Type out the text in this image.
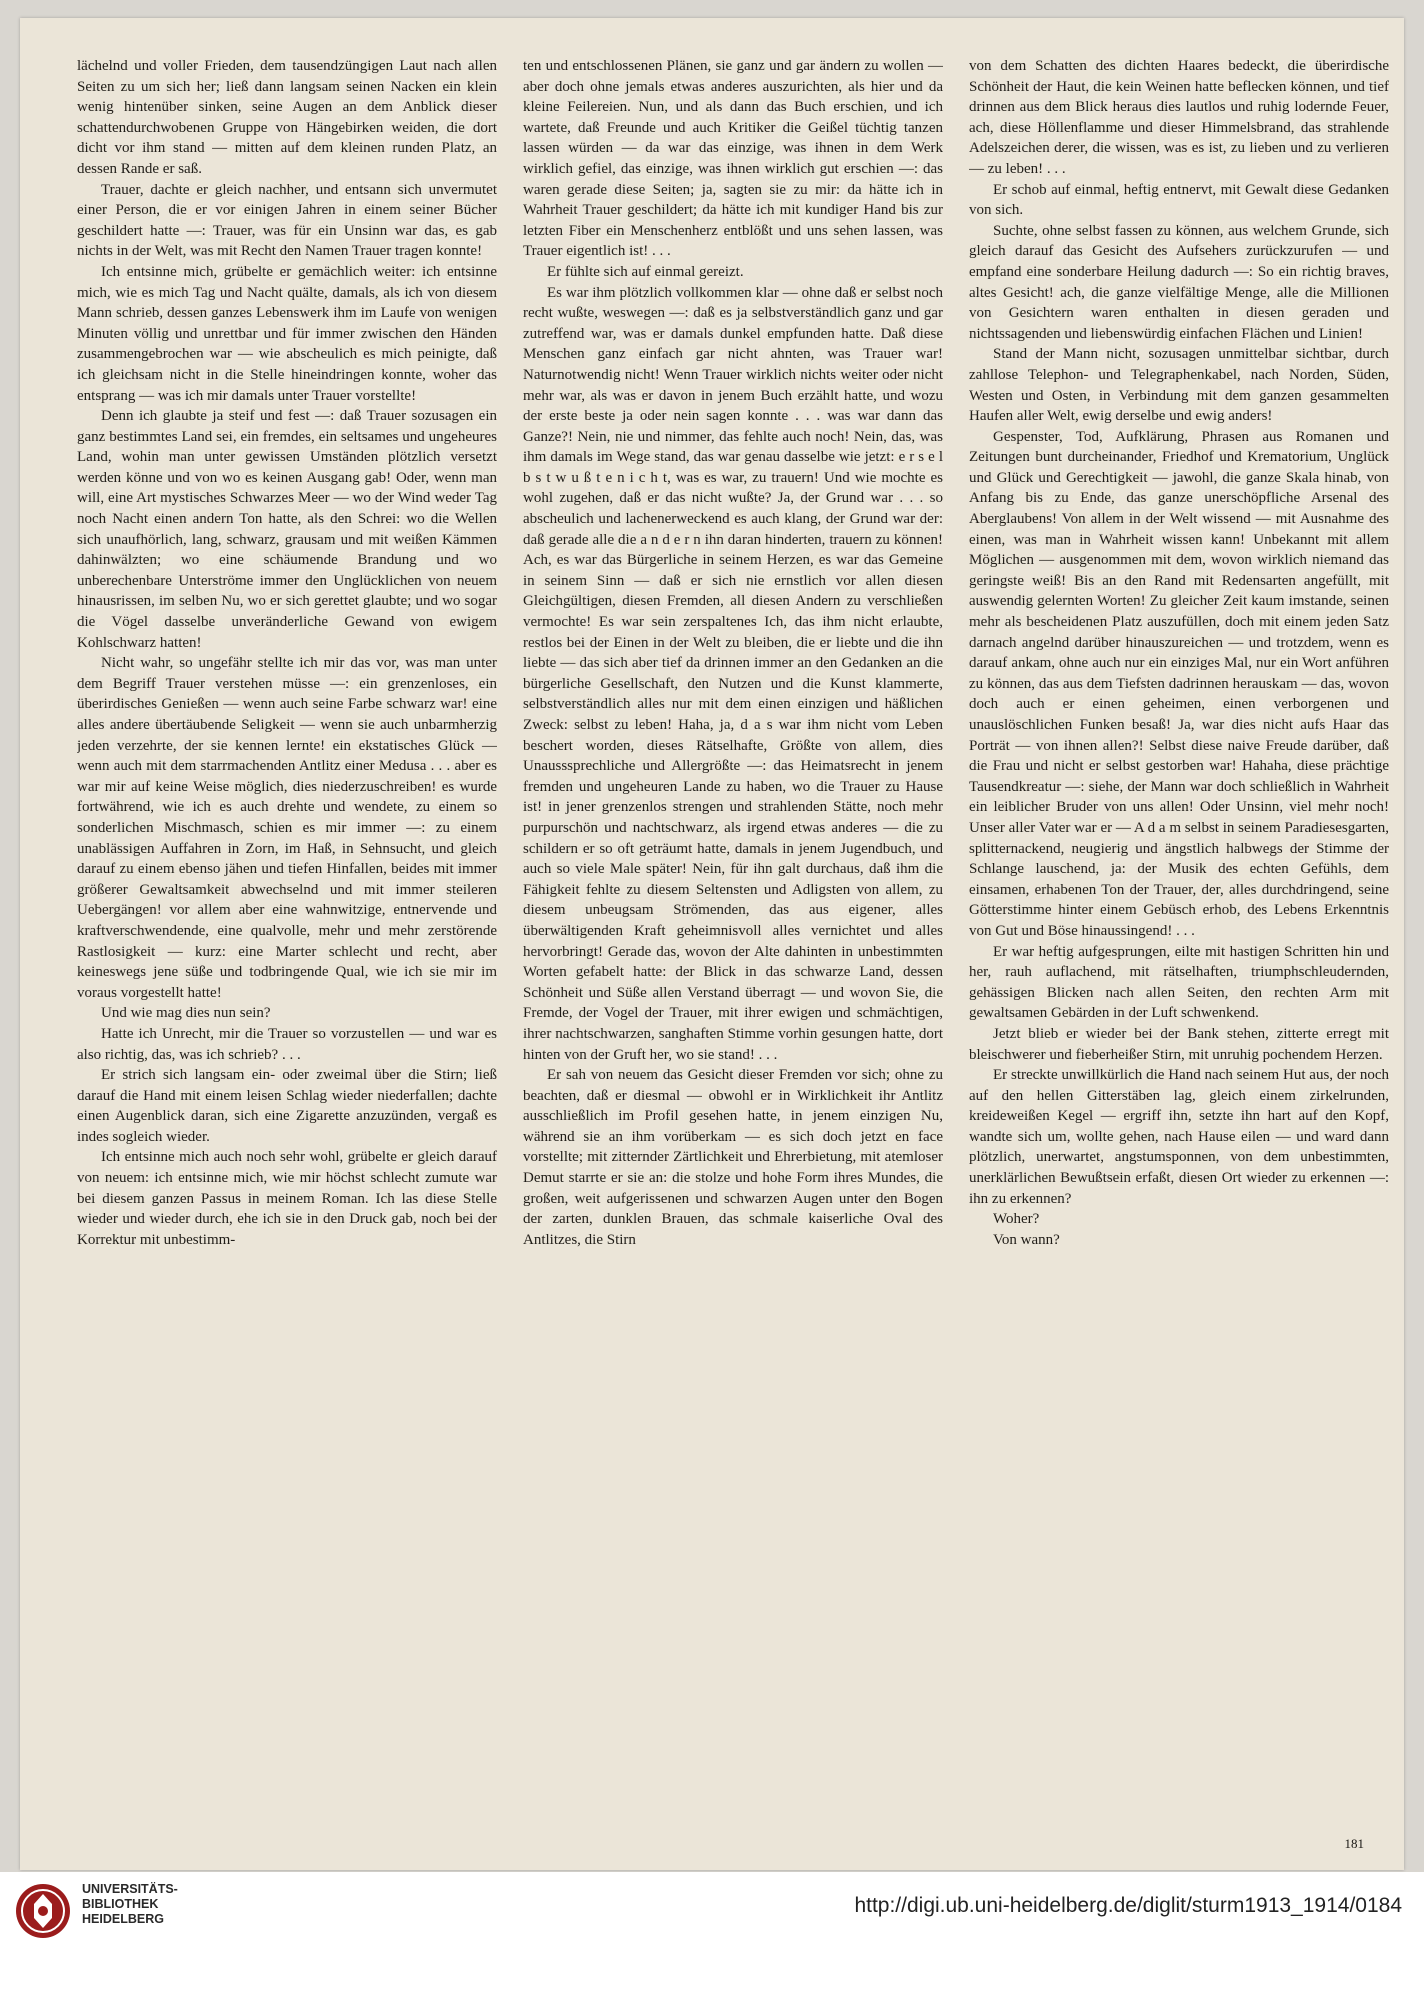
lächelnd und voller Frieden, dem tausendzüngigen Laut nach allen Seiten zu um sich her; ließ dann langsam seinen Nacken ein klein wenig hintenüber sinken, seine Augen an dem Anblick dieser schattendurchwobenen Gruppe von Hängebirken weiden, die dort dicht vor ihm stand — mitten auf dem kleinen runden Platz, an dessen Rande er saß.

Trauer, dachte er gleich nachher, und entsann sich unvermutet einer Person, die er vor einigen Jahren in einem seiner Bücher geschildert hatte —: Trauer, was für ein Unsinn war das, es gab nichts in der Welt, was mit Recht den Namen Trauer tragen konnte!

Ich entsinne mich, grübelte er gemächlich weiter: ich entsinne mich, wie es mich Tag und Nacht quälte, damals, als ich von diesem Mann schrieb, dessen ganzes Lebenswerk ihm im Laufe von wenigen Minuten völlig und unrettbar und für immer zwischen den Händen zusammengebrochen war — wie abscheulich es mich peinigte, daß ich gleichsam nicht in die Stelle hineindringen konnte, woher das entsprang — was ich mir damals unter Trauer vorstellte!

Denn ich glaubte ja steif und fest —: daß Trauer sozusagen ein ganz bestimmtes Land sei, ein fremdes, ein seltsames und ungeheures Land, wohin man unter gewissen Umständen plötzlich versetzt werden könne und von wo es keinen Ausgang gab! Oder, wenn man will, eine Art mystisches Schwarzes Meer — wo der Wind weder Tag noch Nacht einen andern Ton hatte, als den Schrei: wo die Wellen sich unaufhörlich, lang, schwarz, grausam und mit weißen Kämmen dahinwälzten; wo eine schäumende Brandung und wo unberechenbare Unterströme immer den Unglücklichen von neuem hinausrissen, im selben Nu, wo er sich gerettet glaubte; und wo sogar die Vögel dasselbe unveränderliche Gewand von ewigem Kohlschwarz hatten!

Nicht wahr, so ungefähr stellte ich mir das vor, was man unter dem Begriff Trauer verstehen müsse —: ein grenzenloses, ein überirdisches Genießen — wenn auch seine Farbe schwarz war! eine alles andere übertäubende Seligkeit — wenn sie auch unbarmherzig jeden verzehrte, der sie kennen lernte! ein ekstatisches Glück — wenn auch mit dem starrmachenden Antlitz einer Medusa . . . aber es war mir auf keine Weise möglich, dies niederzuschreiben! es wurde fortwährend, wie ich es auch drehte und wendete, zu einem so sonderlichen Mischmasch, schien es mir immer —: zu einem unablässigen Auffahren in Zorn, im Haß, in Sehnsucht, und gleich darauf zu einem ebenso jähen und tiefen Hinfallen, beides mit immer größerer Gewaltsamkeit abwechselnd und mit immer steileren Uebergängen! vor allem aber eine wahnwitzige, entnervende und kraftverschwendende, eine qualvolle, mehr und mehr zerstörende Rastlosigkeit — kurz: eine Marter schlecht und recht, aber keineswegs jene süße und todbringende Qual, wie ich sie mir im voraus vorgestellt hatte!

Und wie mag dies nun sein?

Hatte ich Unrecht, mir die Trauer so vorzustellen — und war es also richtig, das, was ich schrieb? . . .

Er strich sich langsam ein- oder zweimal über die Stirn; ließ darauf die Hand mit einem leisen Schlag wieder niederfallen; dachte einen Augenblick daran, sich eine Zigarette anzuzünden, vergaß es indes sogleich wieder.

Ich entsinne mich auch noch sehr wohl, grübelte er gleich darauf von neuem: ich entsinne mich, wie mir höchst schlecht zumute war bei diesem ganzen Passus in meinem Roman. Ich las diese Stelle wieder und wieder durch, ehe ich sie in den Druck gab, noch bei der Korrektur mit unbestimm-

ten und entschlossenen Plänen, sie ganz und gar ändern zu wollen — aber doch ohne jemals etwas anderes auszurichten, als hier und da kleine Feilereien. Nun, und als dann das Buch erschien, und ich wartete, daß Freunde und auch Kritiker die Geißel tüchtig tanzen lassen würden — da war das einzige, was ihnen in dem Werk wirklich gefiel, das einzige, was ihnen wirklich gut erschien —: das waren gerade diese Seiten; ja, sagten sie zu mir: da hätte ich in Wahrheit Trauer geschildert; da hätte ich mit kundiger Hand bis zur letzten Fiber ein Menschenherz entblößt und uns sehen lassen, was Trauer eigentlich ist! . . .

Er fühlte sich auf einmal gereizt.

Es war ihm plötzlich vollkommen klar — ohne daß er selbst noch recht wußte, weswegen —: daß es ja selbstverständlich ganz und gar zutreffend war, was er damals dunkel empfunden hatte. Daß diese Menschen ganz einfach gar nicht ahnten, was Trauer war! Naturnotwendig nicht! Wenn Trauer wirklich nichts weiter oder nicht mehr war, als was er davon in jenem Buch erzählt hatte, und wozu der erste beste ja oder nein sagen konnte . . . was war dann das Ganze?! Nein, nie und nimmer, das fehlte auch noch! Nein, das, was ihm damals im Wege stand, das war genau dasselbe wie jetzt: e r s e l b s t w u ß t e n i c h t, was es war, zu trauern! Und wie mochte es wohl zugehen, daß er das nicht wußte? Ja, der Grund war . . . so abscheulich und lachenerweckend es auch klang, der Grund war der: daß gerade alle die a n d e r n ihn daran hinderten, trauern zu können! Ach, es war das Bürgerliche in seinem Herzen, es war das Gemeine in seinem Sinn — daß er sich nie ernstlich vor allen diesen Gleichgültigen, diesen Fremden, all diesen Andern zu verschließen vermochte! Es war sein zerspaltenes Ich, das ihm nicht erlaubte, restlos bei der Einen in der Welt zu bleiben, die er liebte und die ihn liebte — das sich aber tief da drinnen immer an den Gedanken an die bürgerliche Gesellschaft, den Nutzen und die Kunst klammerte, selbstverständlich alles nur mit dem einen einzigen und häßlichen Zweck: selbst zu leben! Haha, ja, d a s war ihm nicht vom Leben beschert worden, dieses Rätselhafte, Größte von allem, dies Unausssprechliche und Allergrößte —: das Heimatsrecht in jenem fremden und ungeheuren Lande zu haben, wo die Trauer zu Hause ist! in jener grenzenlos strengen und strahlenden Stätte, noch mehr purpurschön und nachtschwarz, als irgend etwas anderes — die zu schildern er so oft geträumt hatte, damals in jenem Jugendbuch, und auch so viele Male später! Nein, für ihn galt durchaus, daß ihm die Fähigkeit fehlte zu diesem Seltensten und Adligsten von allem, zu diesem unbeugsam Strömenden, das aus eigener, alles überwältigenden Kraft geheimnisvoll alles vernichtet und alles hervorbringt! Gerade das, wovon der Alte dahinten in unbestimmten Worten gefabelt hatte: der Blick in das schwarze Land, dessen Schönheit und Süße allen Verstand überragt — und wovon Sie, die Fremde, der Vogel der Trauer, mit ihrer ewigen und schmächtigen, ihrer nachtschwarzen, sanghaften Stimme vorhin gesungen hatte, dort hinten von der Gruft her, wo sie stand! . . .

Er sah von neuem das Gesicht dieser Fremden vor sich; ohne zu beachten, daß er diesmal — obwohl er in Wirklichkeit ihr Antlitz ausschließlich im Profil gesehen hatte, in jenem einzigen Nu, während sie an ihm vorüberkam — es sich doch jetzt en face vorstellte; mit zitternder Zärtlichkeit und Ehrerbietung, mit atemloser Demut starrte er sie an: die stolze und hohe Form ihres Mundes, die großen, weit aufgerissenen und schwarzen Augen unter den Bogen der zarten, dunklen Brauen, das schmale kaiserliche Oval des Antlitzes, die Stirn

von dem Schatten des dichten Haares bedeckt, die überirdische Schönheit der Haut, die kein Weinen hatte beflecken können, und tief drinnen aus dem Blick heraus dies lautlos und ruhig lodernde Feuer, ach, diese Höllenflamme und dieser Himmelsbrand, das strahlende Adelszeichen derer, die wissen, was es ist, zu lieben und zu verlieren — zu leben! . . .

Er schob auf einmal, heftig entnervt, mit Gewalt diese Gedanken von sich.

Suchte, ohne selbst fassen zu können, aus welchem Grunde, sich gleich darauf das Gesicht des Aufsehers zurückzurufen — und empfand eine sonderbare Heilung dadurch —: So ein richtig braves, altes Gesicht! ach, die ganze vielfältige Menge, alle die Millionen von Gesichtern waren enthalten in diesen geraden und nichtssagenden und liebenswürdig einfachen Flächen und Linien!

Stand der Mann nicht, sozusagen unmittelbar sichtbar, durch zahllose Telephon- und Telegraphenkabel, nach Norden, Süden, Westen und Osten, in Verbindung mit dem ganzen gesammelten Haufen aller Welt, ewig derselbe und ewig anders!

Gespenster, Tod, Aufklärung, Phrasen aus Romanen und Zeitungen bunt durcheinander, Friedhof und Krematorium, Unglück und Glück und Gerechtigkeit — jawohl, die ganze Skala hinab, von Anfang bis zu Ende, das ganze unerschöpfliche Arsenal des Aberglaubens! Von allem in der Welt wissend — mit Ausnahme des einen, was man in Wahrheit wissen kann! Unbekannt mit allem Möglichen — ausgenommen mit dem, wovon wirklich niemand das geringste weiß! Bis an den Rand mit Redensarten angefüllt, mit auswendig gelernten Worten! Zu gleicher Zeit kaum imstande, seinen mehr als bescheidenen Platz auszufüllen, doch mit einem jeden Satz darnach angelnd darüber hinauszureichen — und trotzdem, wenn es darauf ankam, ohne auch nur ein einziges Mal, nur ein Wort anführen zu können, das aus dem Tiefsten dadrinnen herauskam — das, wovon doch auch er einen geheimen, einen verborgenen und unauslöschlichen Funken besaß! Ja, war dies nicht aufs Haar das Porträt — von ihnen allen?! Selbst diese naive Freude darüber, daß die Frau und nicht er selbst gestorben war! Hahaha, diese prächtige Tausendkreatur —: siehe, der Mann war doch schließlich in Wahrheit ein leiblicher Bruder von uns allen! Oder Unsinn, viel mehr noch! Unser aller Vater war er — A d a m selbst in seinem Paradiesesgarten, splitternackend, neugierig und ängstlich halbwegs der Stimme der Schlange lauschend, ja: der Musik des echten Gefühls, dem einsamen, erhabenen Ton der Trauer, der, alles durchdringend, seine Götterstimme hinter einem Gebüsch erhob, des Lebens Erkenntnis von Gut und Böse hinaussingend! . . .

Er war heftig aufgesprungen, eilte mit hastigen Schritten hin und her, rauh auflachend, mit rätselhaften, triumphschleudernden, gehässigen Blicken nach allen Seiten, den rechten Arm mit gewaltsamen Gebärden in der Luft schwenkend.

Jetzt blieb er wieder bei der Bank stehen, zitterte erregt mit bleischwerer und fieberheißer Stirn, mit unruhig pochendem Herzen.

Er streckte unwillkürlich die Hand nach seinem Hut aus, der noch auf den hellen Gitterstäben lag, gleich einem zirkelrunden, kreideweißen Kegel — ergriff ihn, setzte ihn hart auf den Kopf, wandte sich um, wollte gehen, nach Hause eilen — und ward dann plötzlich, unerwartet, angstumsponnen, von dem unbestimmten, unerklärlichen Bewußtsein erfaßt, diesen Ort wieder zu erkennen —: ihn zu erkennen?

Woher?

Von wann?

181
UNIVERSITÄTS-
BIBLIOTHEK
HEIDELBERG
http://digi.ub.uni-heidelberg.de/diglit/sturm1913_1914/0184
